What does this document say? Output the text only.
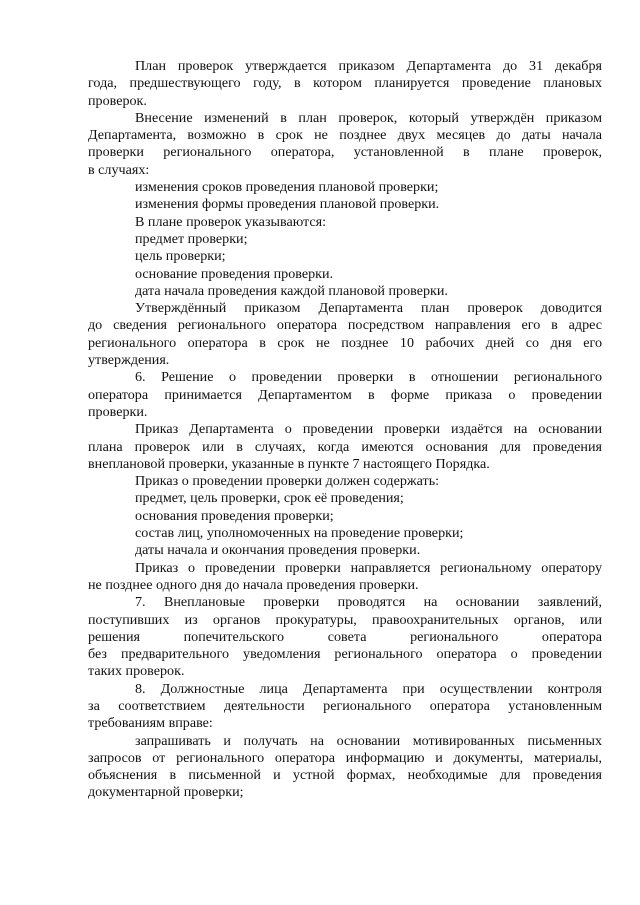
План проверок утверждается приказом Департамента до 31 декабря
года, предшествующего году, в котором планируется проведение плановых
проверок.
Внесение изменений в план проверок, который утверждён приказом
Департамента, возможно в срок не позднее двух месяцев до даты начала
проверки регионального оператора, установленной в плане проверок,
в случаях:
изменения сроков проведения плановой проверки;
изменения формы проведения плановой проверки.
В плане проверок указываются:
предмет проверки;
цель проверки;
основание проведения проверки.
дата начала проведения каждой плановой проверки.
Утверждённый приказом Департамента план проверок доводится
до сведения регионального оператора посредством направления его в адрес
регионального оператора в срок не позднее 10 рабочих дней со дня его
утверждения.
6. Решение о проведении проверки в отношении регионального
оператора принимается Департаментом в форме приказа о проведении
проверки.
Приказ Департамента о проведении проверки издаётся на основании
плана проверок или в случаях, когда имеются основания для проведения
внеплановой проверки, указанные в пункте 7 настоящего Порядка.
Приказ о проведении проверки должен содержать:
предмет, цель проверки, срок её проведения;
основания проведения проверки;
состав лиц, уполномоченных на проведение проверки;
даты начала и окончания проведения проверки.
Приказ о проведении проверки направляется региональному оператору
не позднее одного дня до начала проведения проверки.
7. Внеплановые проверки проводятся на основании заявлений,
поступивших из органов прокуратуры, правоохранительных органов, или
решения попечительского совета регионального оператора
без предварительного уведомления регионального оператора о проведении
таких проверок.
8. Должностные лица Департамента при осуществлении контроля
за соответствием деятельности регионального оператора установленным
требованиям вправе:
запрашивать и получать на основании мотивированных письменных
запросов от регионального оператора информацию и документы, материалы,
объяснения в письменной и устной формах, необходимые для проведения
документарной проверки;
